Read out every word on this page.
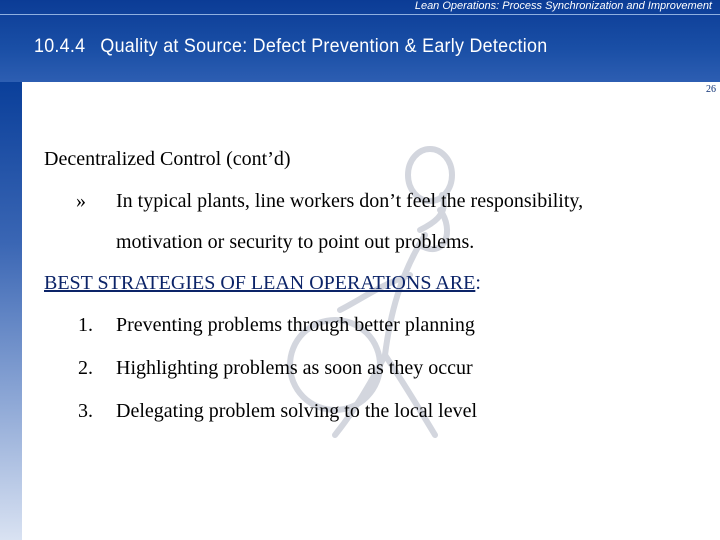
Lean Operations: Process Synchronization and Improvement
10.4.4 Quality at Source: Defect Prevention & Early Detection
26
Decentralized Control (cont’d)
» In typical plants, line workers don’t feel the responsibility,
motivation or security to point out problems.
BEST STRATEGIES OF LEAN OPERATIONS ARE:
1. Preventing problems through better planning
2. Highlighting problems as soon as they occur
3. Delegating problem solving to the local level
